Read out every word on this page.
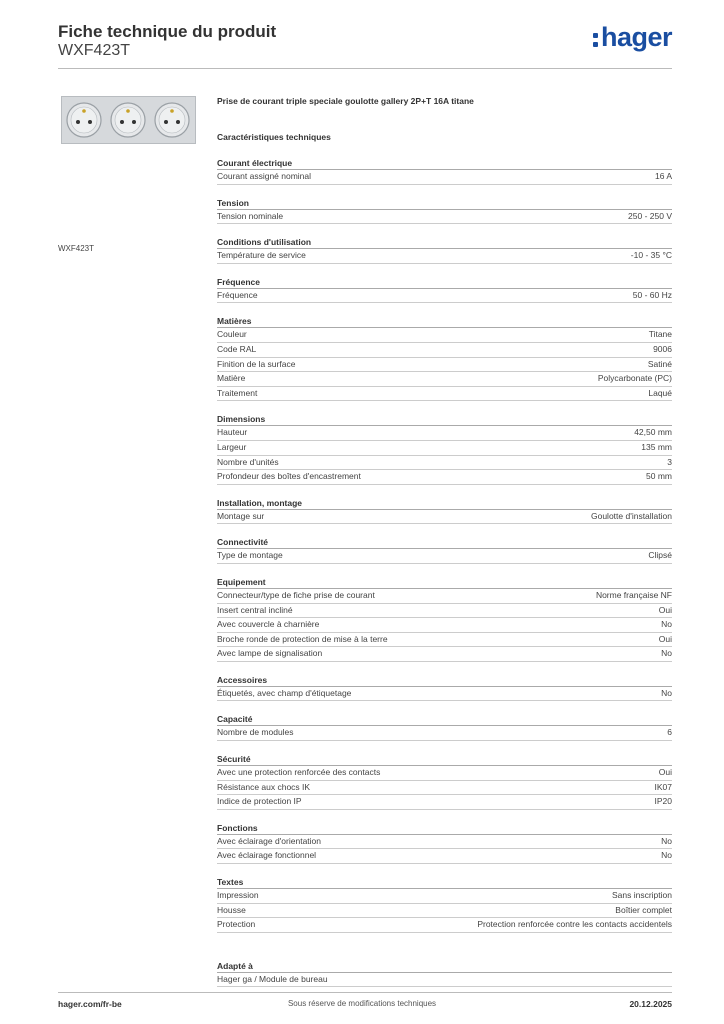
Fiche technique du produit
WXF423T	hager
WXF423T
Prise de courant triple speciale goulotte gallery 2P+T 16A titane
Caractéristiques techniques
Courant électrique
Courant assigné nominal	16 A
Tension
Tension nominale	250 - 250 V
Conditions d'utilisation
Température de service	-10 - 35 °C
Fréquence
Fréquence	50 - 60 Hz
Matières
Couleur	Titane
Code RAL	9006
Finition de la surface	Satiné
Matière	Polycarbonate (PC)
Traitement	Laqué
Dimensions
Hauteur	42,50 mm
Largeur	135 mm
Nombre d'unités	3
Profondeur des boîtes d'encastrement	50 mm
Installation, montage
Montage sur	Goulotte d'installation
Connectivité
Type de montage	Clipsé
Equipement
Connecteur/type de fiche prise de courant	Norme française NF
Insert central incliné	Oui
Avec couvercle à charnière	No
Broche ronde de protection de mise à la terre	Oui
Avec lampe de signalisation	No
Accessoires
Étiquetés, avec champ d'étiquetage	No
Capacité
Nombre de modules	6
Sécurité
Avec une protection renforcée des contacts	Oui
Résistance aux chocs IK	IK07
Indice de protection IP	IP20
Fonctions
Avec éclairage d'orientation	No
Avec éclairage fonctionnel	No
Textes
Impression	Sans inscription
Housse	Boîtier complet
Protection	Protection renforcée contre les contacts accidentels
Adapté à
Hager ga / Module de bureau
hager.com/fr-be	Sous réserve de modifications techniques	20.12.2025
